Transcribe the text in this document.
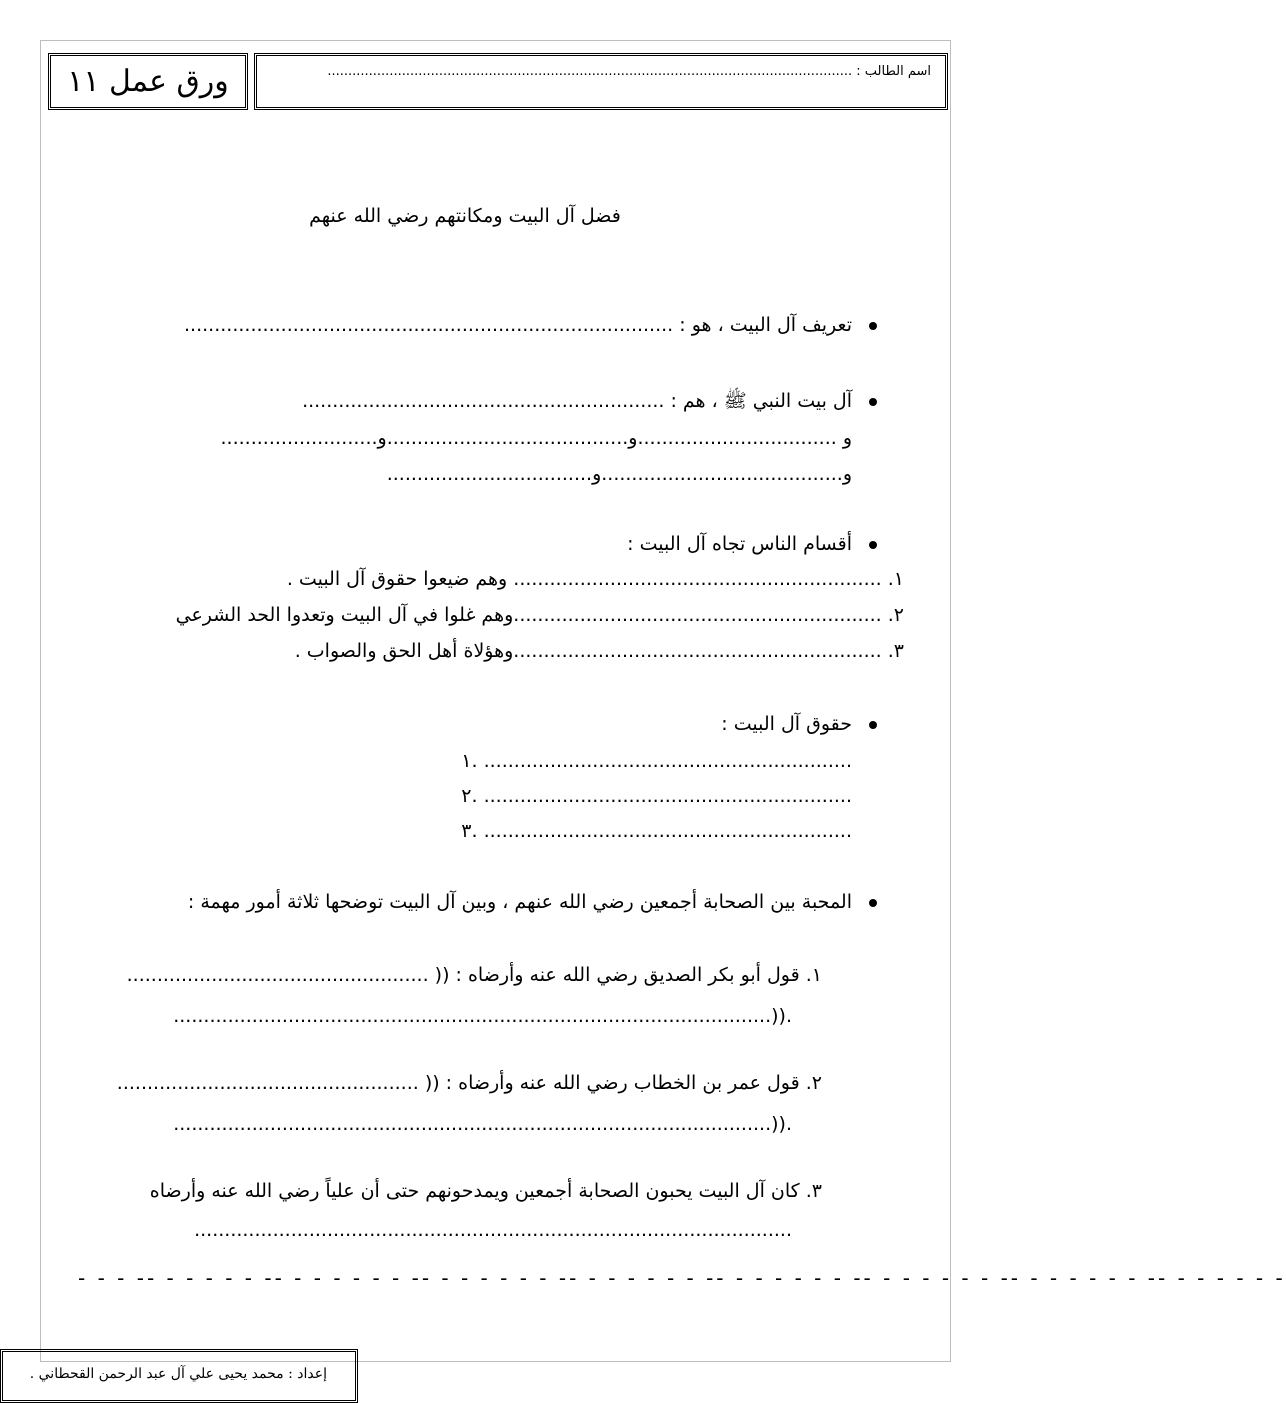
ورق عمل ١١	اسم الطالب : ...............................................................................................................................
فضل آل البيت ومكانتهم رضي الله عنهم
تعريف آل البيت ، هو : .................................................................................
آل بيت النبي ﷺ ، هم : ............................................................
و .................................و........................................و..........................
و........................................و..................................
أقسام الناس تجاه آل البيت :
١. ............................................................. وهم ضيعوا حقوق آل البيت .
٢. .............................................................وهم غلوا في آل البيت وتعدوا الحد الشرعي
٣. .............................................................وهؤلاة أهل الحق والصواب .
حقوق آل البيت :
١. .............................................................
٢. .............................................................
٣. .............................................................
المحبة بين الصحابة أجمعين رضي الله عنهم ، وبين آل البيت توضحها ثلاثة أمور مهمة :
١. قول أبو بكر الصديق رضي الله عنه وأرضاه : (( ..................................................
...................................................................................................)).
٢. قول عمر بن الخطاب رضي الله عنه وأرضاه : (( ..................................................
...................................................................................................)).
٣. كان آل البيت يحبون الصحابة أجمعين ويمدحونهم حتى أن علياً رضي الله عنه وأرضاه
...................................................................................................
- - - -- - - - - - -- - - - - - - -- - - - - - - -- - - - - - - -- - - - - - - -- - - - - - - -- - - - - - - -- - - - - - -
إعداد : محمد يحيى علي آل عبد الرحمن القحطاني .
